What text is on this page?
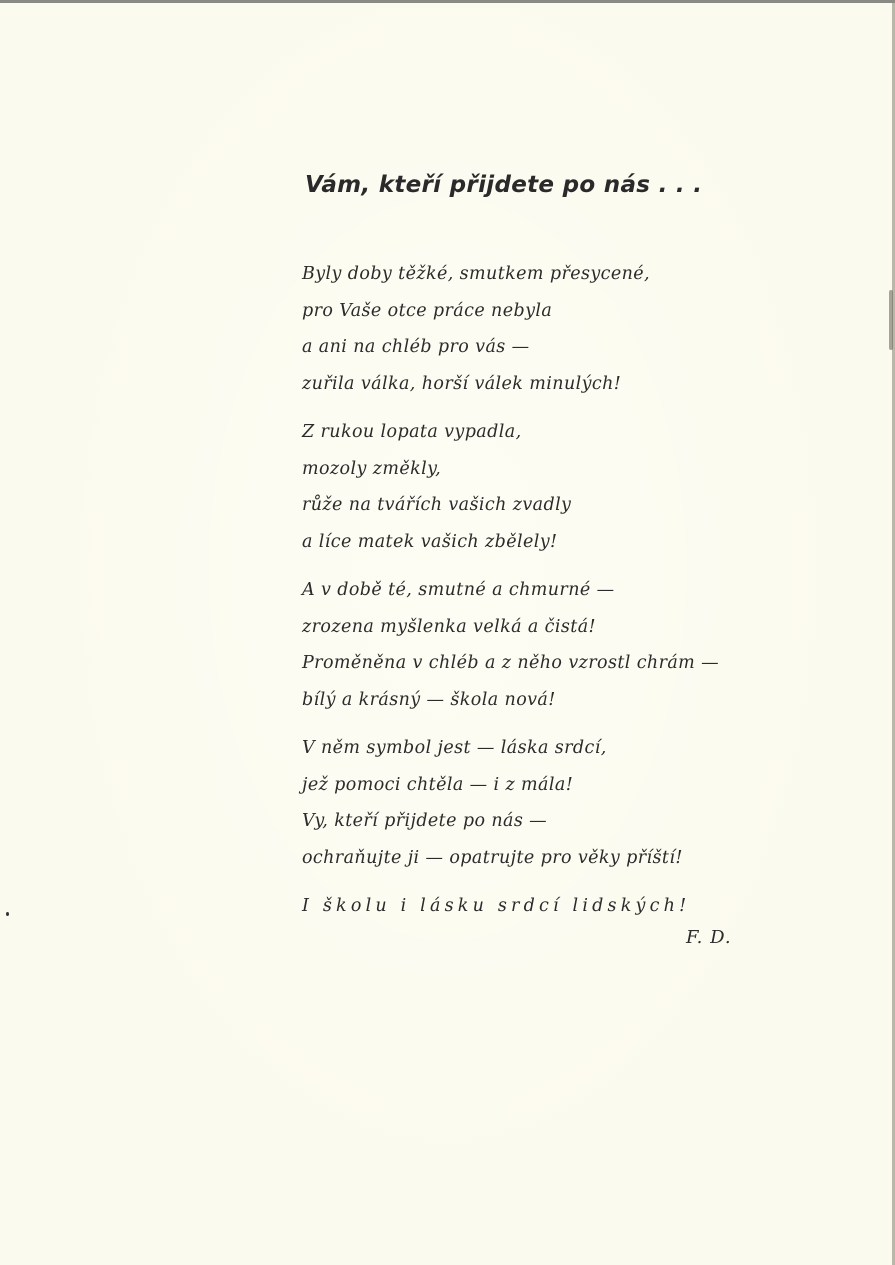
Vám, kteří přijdete po nás . . .
Byly doby těžké, smutkem přesycené,
pro Vaše otce práce nebyla
a ani na chléb pro vás —
zuřila válka, horší válek minulých!
Z rukou lopata vypadla,
mozoly změkly,
růže na tvářích vašich zvadly
a líce matek vašich zbělely!
A v době té, smutné a chmurné —
zrozena myšlenka velká a čistá!
Proměněna v chléb a z něho vzrostl chrám —
bílý a krásný — škola nová!
V něm symbol jest — láska srdcí,
jež pomoci chtěla — i z mála!
Vy, kteří přijdete po nás —
ochraňujte ji — opatrujte pro věky příští!
I školu i lásku srdcí lidských!
F. D.
